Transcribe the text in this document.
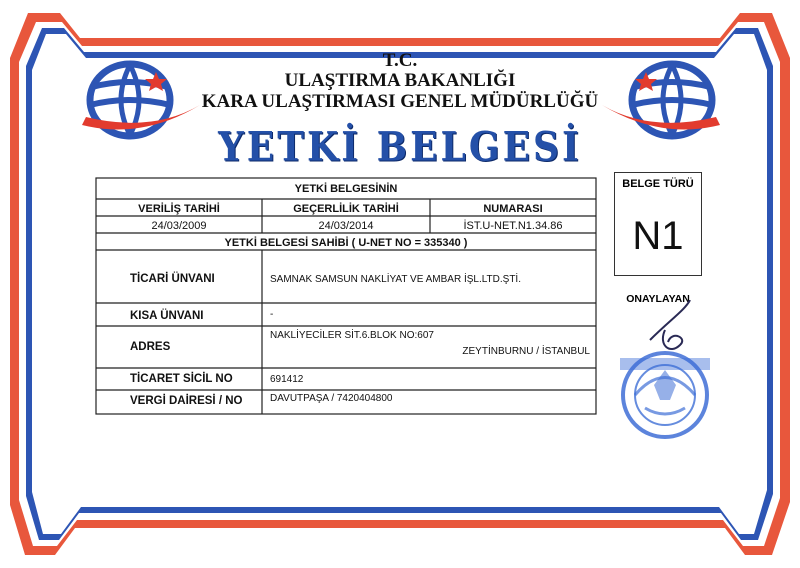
T.C.
ULAŞTIRMA BAKANLIĞI
KARA ULAŞTIRMASI GENEL MÜDÜRLÜĞÜ
YETKİ BELGESİ
YETKİ BELGESİNİN
VERİLİŞ TARİHİ	GEÇERLİLİK TARİHİ	NUMARASI
24/03/2009	24/03/2014	İST.U-NET.N1.34.86
YETKİ BELGESİ SAHİBİ ( U-NET NO = 335340 )
TİCARİ ÜNVANI	SAMNAK SAMSUN NAKLİYAT VE AMBAR İŞL.LTD.ŞTİ.
KISA ÜNVANI	-
ADRES
NAKLİYECİLER SİT.6.BLOK NO:607
ZEYTİNBURNU / İSTANBUL
TİCARET SİCİL NO	691412
VERGİ DAİRESİ / NO	DAVUTPAŞA / 7420404800
BELGE TÜRÜ
N1
ONAYLAYAN
